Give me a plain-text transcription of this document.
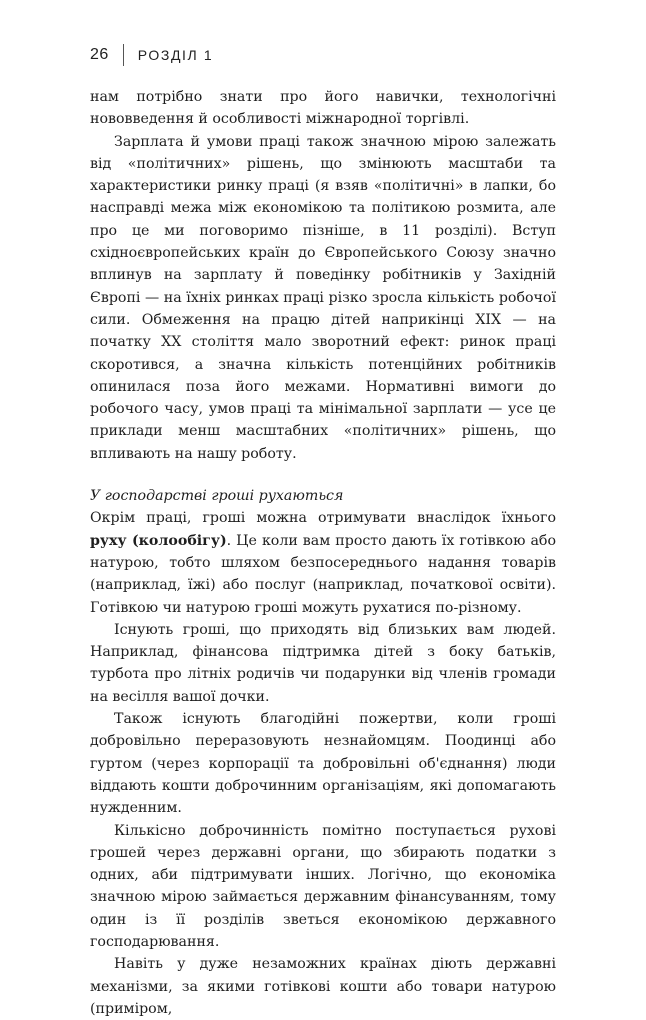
26 РОЗДІЛ 1

нам потрібно знати про його навички, технологічні нововведення й особливості міжнародної торгівлі.

Зарплата й умови праці також значною мірою залежать від «політичних» рішень, що змінюють масштаби та характеристики ринку праці (я взяв «політичні» в лапки, бо насправді межа між економікою та політикою розмита, але про це ми поговоримо пізніше, в 11 розділі). Вступ східноєвропейських країн до Європейського Союзу значно вплинув на зарплату й поведінку робітників у Західній Європі — на їхніх ринках праці різко зросла кількість робочої сили. Обмеження на працю дітей наприкінці XIX — на початку XX століття мало зворотний ефект: ринок праці скоротився, а значна кількість потенційних робітників опинилася поза його межами. Нормативні вимоги до робочого часу, умов праці та мінімальної зарплати — усе це приклади менш масштабних «політичних» рішень, що впливають на нашу роботу.

У господарстві гроші рухаються

Окрім праці, гроші можна отримувати внаслідок їхнього руху (колообігу). Це коли вам просто дають їх готівкою або натурою, тобто шляхом безпосереднього надання товарів (наприклад, їжі) або послуг (наприклад, початкової освіти). Готівкою чи натурою гроші можуть рухатися по-різному.

Існують гроші, що приходять від близьких вам людей. Наприклад, фінансова підтримка дітей з боку батьків, турбота про літніх родичів чи подарунки від членів громади на весілля вашої дочки.

Також існують благодійні пожертви, коли гроші добровільно переразовують незнайомцям. Поодинці або гуртом (через корпорації та добровільні об'єднання) люди віддають кошти доброчинним організаціям, які допомагають нужденним.

Кількісно доброчинність помітно поступається рухові грошей через державні органи, що збирають податки з одних, аби підтримувати інших. Логічно, що економіка значною мірою займається державним фінансуванням, тому один із її розділів зветься економікою державного господарювання.

Навіть у дуже незаможних країнах діють державні механізми, за якими готівкові кошти або товари натурою (приміром,
